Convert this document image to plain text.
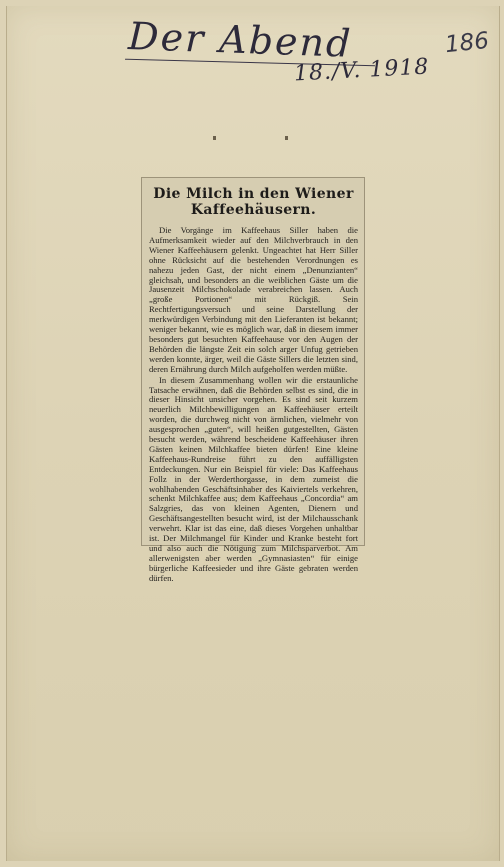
Der Abend
18./V. 1918
186
Die Milch in den Wiener Kaffeehäusern.

Die Vorgänge im Kaffeehaus Siller haben die Aufmerksamkeit wieder auf den Milchverbrauch in den Wiener Kaffeehäusern gelenkt. Ungeachtet hat Herr Siller ohne Rücksicht auf die bestehenden Verordnungen es nahezu jeden Gast, der nicht einem „Denunzianten“ gleichsah, und besonders an die weiblichen Gäste um die Jausenzeit Milchschokolade verabreichen lassen. Auch „große Portionen“ mit Rückgiß. Sein Rechtfertigungsversuch und seine Darstellung der merkwürdigen Verbindung mit den Lieferanten ist bekannt; weniger bekannt, wie es möglich war, daß in diesem immer besonders gut besuchten Kaffeehause vor den Augen der Behörden die längste Zeit ein solch arger Unfug getrieben werden konnte, ärger, weil die Gäste Sillers die letzten sind, deren Ernährung durch Milch aufgeholfen werden müßte.

In diesem Zusammenhang wollen wir die erstaunliche Tatsache erwähnen, daß die Behörden selbst es sind, die in dieser Hinsicht unsicher vorgehen. Es sind seit kurzem neuerlich Milchbewilligungen an Kaffeehäuser erteilt worden, die durchweg nicht von ärmlichen, vielmehr von ausgesprochen „guten“, will heißen gutgestellten, Gästen besucht werden, während bescheidene Kaffeehäuser ihren Gästen keinen Milchkaffee bieten dürfen! Eine kleine Kaffeehaus-Rundreise führt zu den auffälligsten Entdeckungen. Nur ein Beispiel für viele: Das Kaffeehaus Follz in der Werderthorgasse, in dem zumeist die wohlhabenden Geschäftsinhaber des Kaiviertels verkehren, schenkt Milchkaffee aus; dem Kaffeehaus „Concordia“ am Salzgries, das von kleinen Agenten, Dienern und Geschäftsangestellten besucht wird, ist der Milchausschank verwehrt. Klar ist das eine, daß dieses Vorgehen unhaltbar ist. Der Milchmangel für Kinder und Kranke besteht fort und also auch die Nötigung zum Milchsparverbot. Am allerwenigsten aber werden „Gymnasiasten“ für einige bürgerliche Kaffeesieder und ihre Gäste gebraten werden dürfen.
